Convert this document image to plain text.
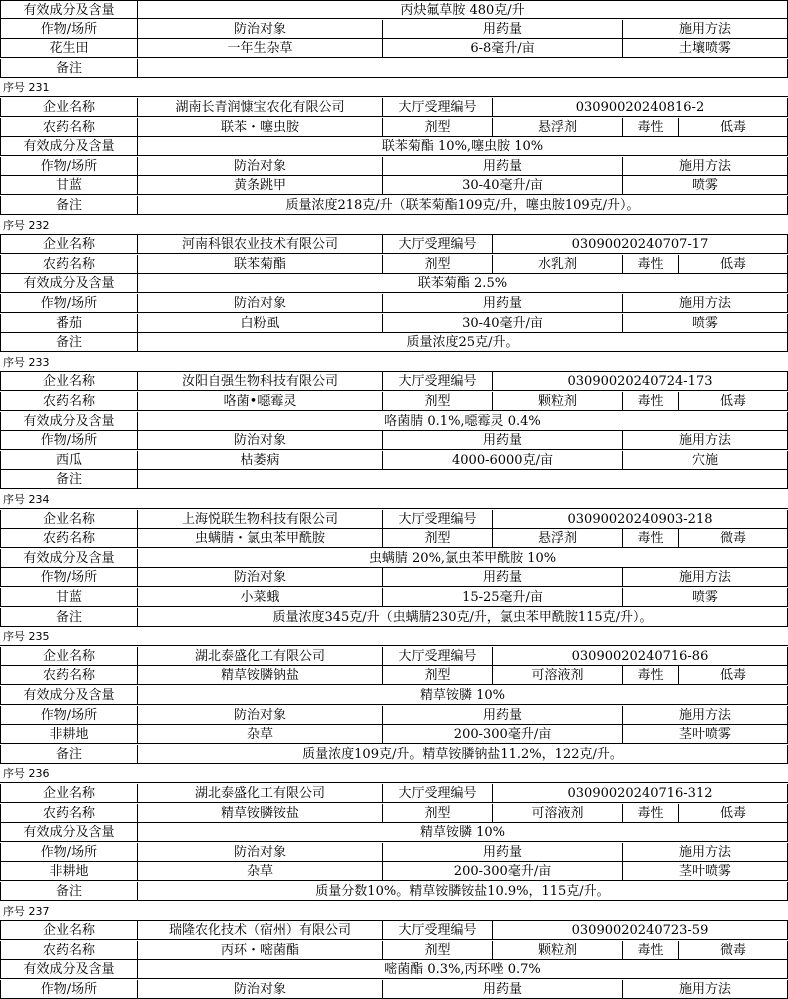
有效成分及含量	丙炔氟草胺 480克/升
作物/场所	防治对象	用药量	施用方法
花生田	一年生杂草	6-8毫升/亩	土壤喷雾
备注
序号 231
企业名称	湖南长青润慷宝农化有限公司	大厅受理编号	03090020240816-2
农药名称	联苯・噻虫胺	剂型	悬浮剂	毒性	低毒
有效成分及含量	联苯菊酯 10%,噻虫胺 10%
作物/场所	防治对象	用药量	施用方法
甘蓝	黄条跳甲	30-40毫升/亩	喷雾
备注	质量浓度218克/升（联苯菊酯109克/升，噻虫胺109克/升）。
序号 232
企业名称	河南科银农业技术有限公司	大厅受理编号	03090020240707-17
农药名称	联苯菊酯	剂型	水乳剂	毒性	低毒
有效成分及含量	联苯菊酯 2.5%
作物/场所	防治对象	用药量	施用方法
番茄	白粉虱	30-40毫升/亩	喷雾
备注	质量浓度25克/升。
序号 233
企业名称	汝阳自强生物科技有限公司	大厅受理编号	03090020240724-173
农药名称	咯菌•噁霉灵	剂型	颗粒剂	毒性	低毒
有效成分及含量	咯菌腈 0.1%,噁霉灵 0.4%
作物/场所	防治对象	用药量	施用方法
西瓜	枯萎病	4000-6000克/亩	穴施
备注
序号 234
企业名称	上海悦联生物科技有限公司	大厅受理编号	03090020240903-218
农药名称	虫螨腈・氯虫苯甲酰胺	剂型	悬浮剂	毒性	微毒
有效成分及含量	虫螨腈 20%,氯虫苯甲酰胺 10%
作物/场所	防治对象	用药量	施用方法
甘蓝	小菜蛾	15-25毫升/亩	喷雾
备注	质量浓度345克/升（虫螨腈230克/升，氯虫苯甲酰胺115克/升）。
序号 235
企业名称	湖北泰盛化工有限公司	大厅受理编号	03090020240716-86
农药名称	精草铵膦钠盐	剂型	可溶液剂	毒性	低毒
有效成分及含量	精草铵膦 10%
作物/场所	防治对象	用药量	施用方法
非耕地	杂草	200-300毫升/亩	茎叶喷雾
备注	质量浓度109克/升。精草铵膦钠盐11.2%，122克/升。
序号 236
企业名称	湖北泰盛化工有限公司	大厅受理编号	03090020240716-312
农药名称	精草铵膦铵盐	剂型	可溶液剂	毒性	低毒
有效成分及含量	精草铵膦 10%
作物/场所	防治对象	用药量	施用方法
非耕地	杂草	200-300毫升/亩	茎叶喷雾
备注	质量分数10%。精草铵膦铵盐10.9%，115克/升。
序号 237
企业名称	瑞隆农化技术（宿州）有限公司	大厅受理编号	03090020240723-59
农药名称	丙环・嘧菌酯	剂型	颗粒剂	毒性	微毒
有效成分及含量	嘧菌酯 0.3%,丙环唑 0.7%
作物/场所	防治对象	用药量	施用方法
